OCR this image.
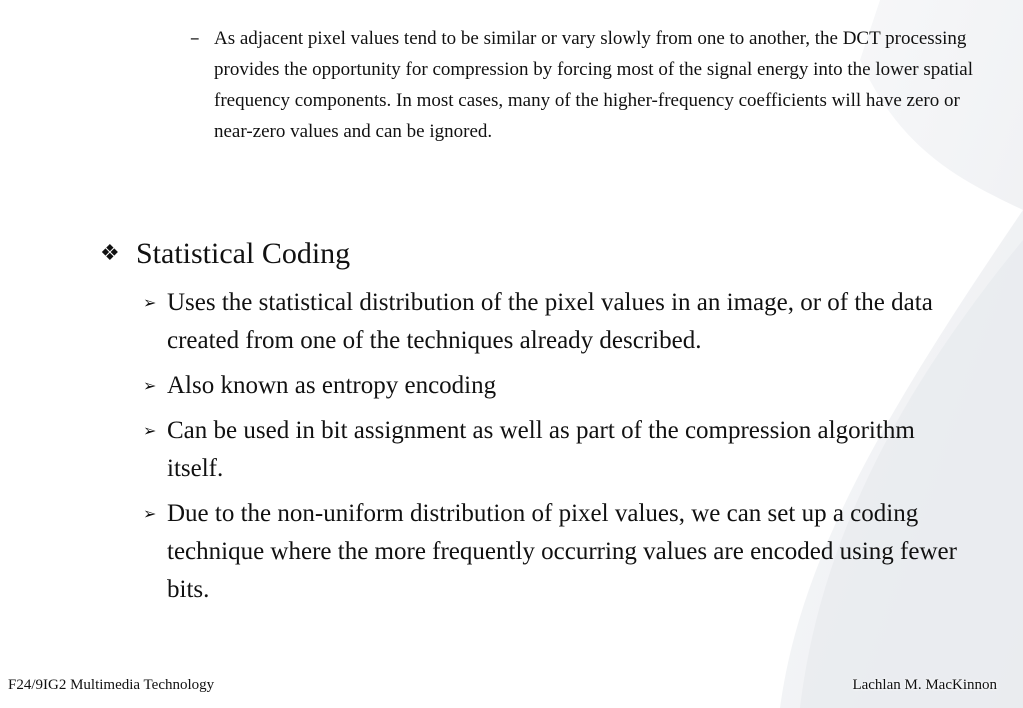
– As adjacent pixel values tend to be similar or vary slowly from one to another, the DCT processing provides the opportunity for compression by forcing most of the signal energy into the lower spatial frequency components. In most cases, many of the higher-frequency coefficients will have zero or near-zero values and can be ignored.
❖ Statistical Coding
➢ Uses the statistical distribution of the pixel values in an image, or of the data created from one of the techniques already described.
➢ Also known as entropy encoding
➢ Can be used in bit assignment as well as part of the compression algorithm itself.
➢ Due to the non-uniform distribution of pixel values, we can set up a coding technique where the more frequently occurring values are encoded using fewer bits.
F24/9IG2 Multimedia Technology	Lachlan M. MacKinnon
